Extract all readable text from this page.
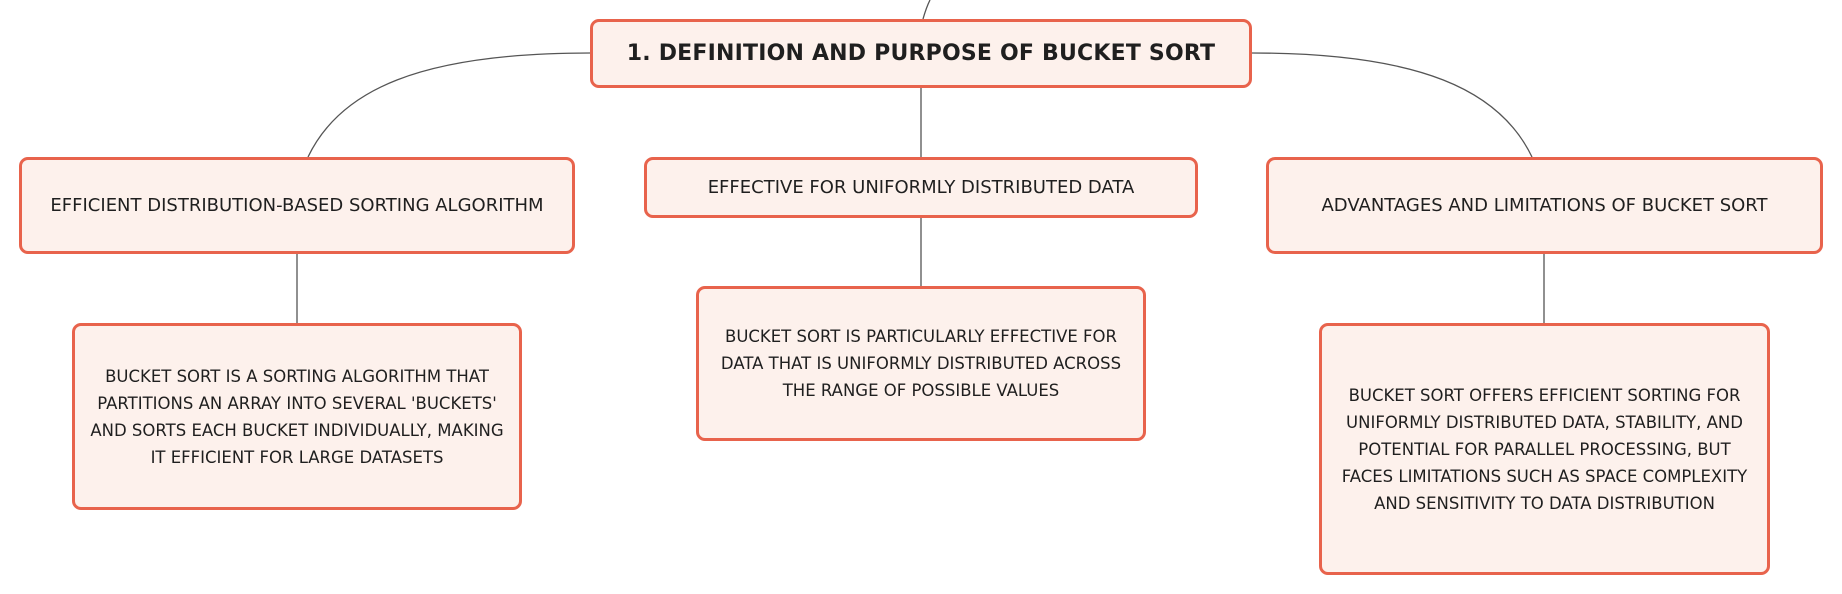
1. DEFINITION AND PURPOSE OF BUCKET SORT
EFFICIENT DISTRIBUTION-BASED SORTING ALGORITHM
EFFECTIVE FOR UNIFORMLY DISTRIBUTED DATA
ADVANTAGES AND LIMITATIONS OF BUCKET SORT
BUCKET SORT IS A SORTING ALGORITHM THAT PARTITIONS AN ARRAY INTO SEVERAL 'BUCKETS' AND SORTS EACH BUCKET INDIVIDUALLY, MAKING IT EFFICIENT FOR LARGE DATASETS
BUCKET SORT IS PARTICULARLY EFFECTIVE FOR DATA THAT IS UNIFORMLY DISTRIBUTED ACROSS THE RANGE OF POSSIBLE VALUES	BUCKET SORT OFFERS EFFICIENT SORTING FOR UNIFORMLY DISTRIBUTED DATA, STABILITY, AND POTENTIAL FOR PARALLEL PROCESSING, BUT FACES LIMITATIONS SUCH AS SPACE COMPLEXITY AND SENSITIVITY TO DATA DISTRIBUTION
